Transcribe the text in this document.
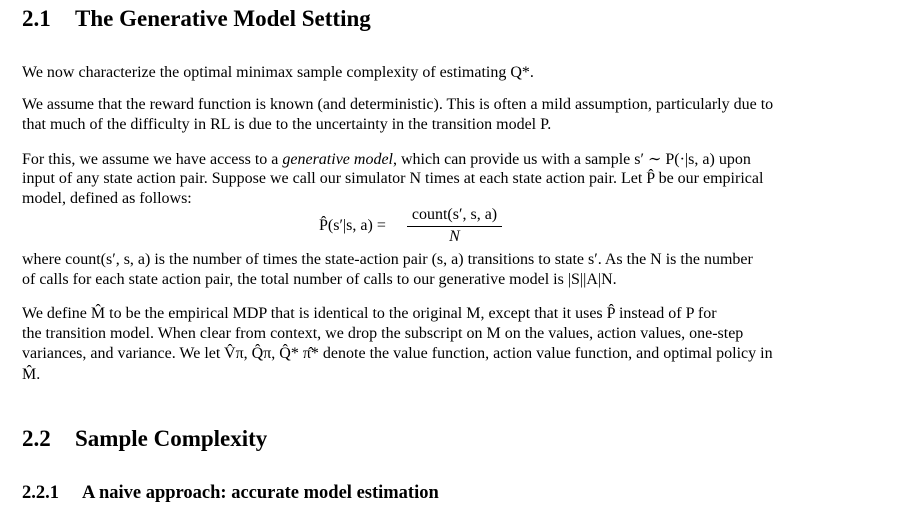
2.1 The Generative Model Setting
We now characterize the optimal minimax sample complexity of estimating Q*.
We assume that the reward function is known (and deterministic). This is often a mild assumption, particularly due to
that much of the difficulty in RL is due to the uncertainty in the transition model P.
For this, we assume we have access to a generative model, which can provide us with a sample s′ ∼ P(·|s, a) upon
input of any state action pair. Suppose we call our simulator N times at each state action pair. Let P̂ be our empirical
model, defined as follows:
P̂(s′|s, a) =
count(s′, s, a)
N
where count(s′, s, a) is the number of times the state-action pair (s, a) transitions to state s′. As the N is the number
of calls for each state action pair, the total number of calls to our generative model is |S||A|N.
We define M̂ to be the empirical MDP that is identical to the original M, except that it uses P̂ instead of P for
the transition model. When clear from context, we drop the subscript on M on the values, action values, one-step
variances, and variance. We let V̂π, Q̂π, Q̂* π̂* denote the value function, action value function, and optimal policy in
M̂.
2.2 Sample Complexity
2.2.1 A naive approach: accurate model estimation
